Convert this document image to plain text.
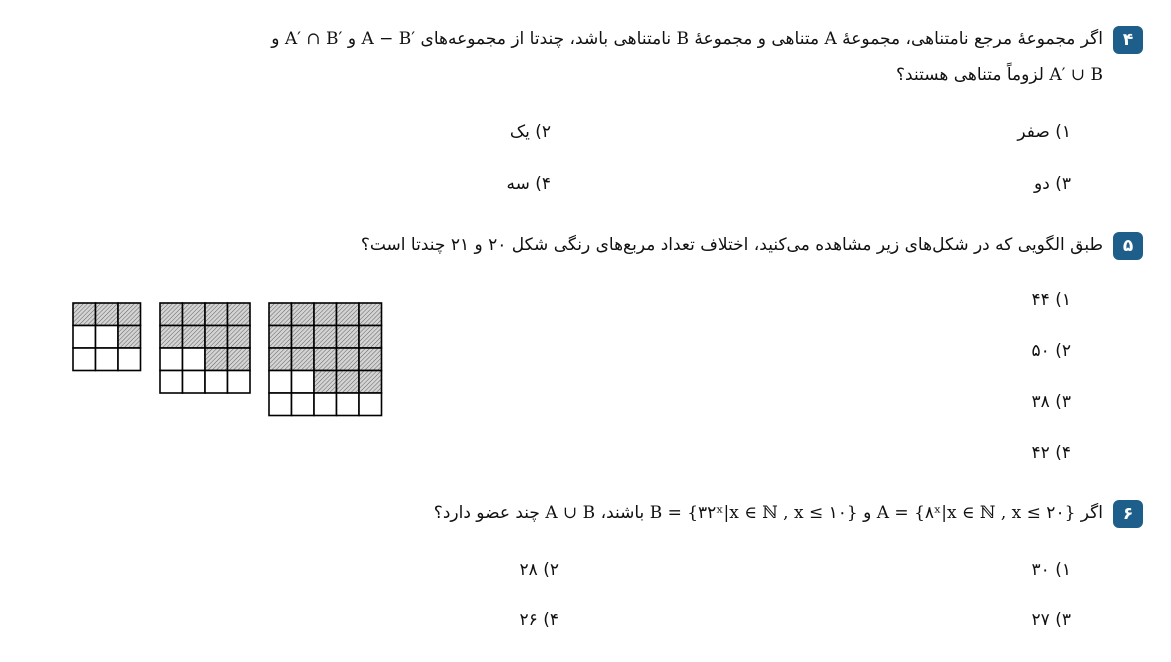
۴
اگر مجموعهٔ مرجع نامتناهی، مجموعهٔ A متناهی و مجموعهٔ B نامتناهی باشد، چندتا از مجموعه‌های A − B′ و A′ ∩ B′ و
A′ ∪ B لزوماً متناهی هستند؟
۱) صفر
۲) یک
۳) دو
۴) سه
۵
طبق الگویی که در شکل‌های زیر مشاهده می‌کنید، اختلاف تعداد مربع‌های رنگی شکل ۲۰ و ۲۱ چندتا است؟
۱) ۴۴
۲) ۵۰
۳) ۳۸
۴) ۴۲
۶
اگر A = {۸ˣ|x ∈ ℕ , x ≤ ۲۰} و B = {۳۲ˣ|x ∈ ℕ , x ≤ ۱۰} باشند، A ∪ B چند عضو دارد؟
۱) ۳۰
۲) ۲۸
۳) ۲۷
۴) ۲۶
